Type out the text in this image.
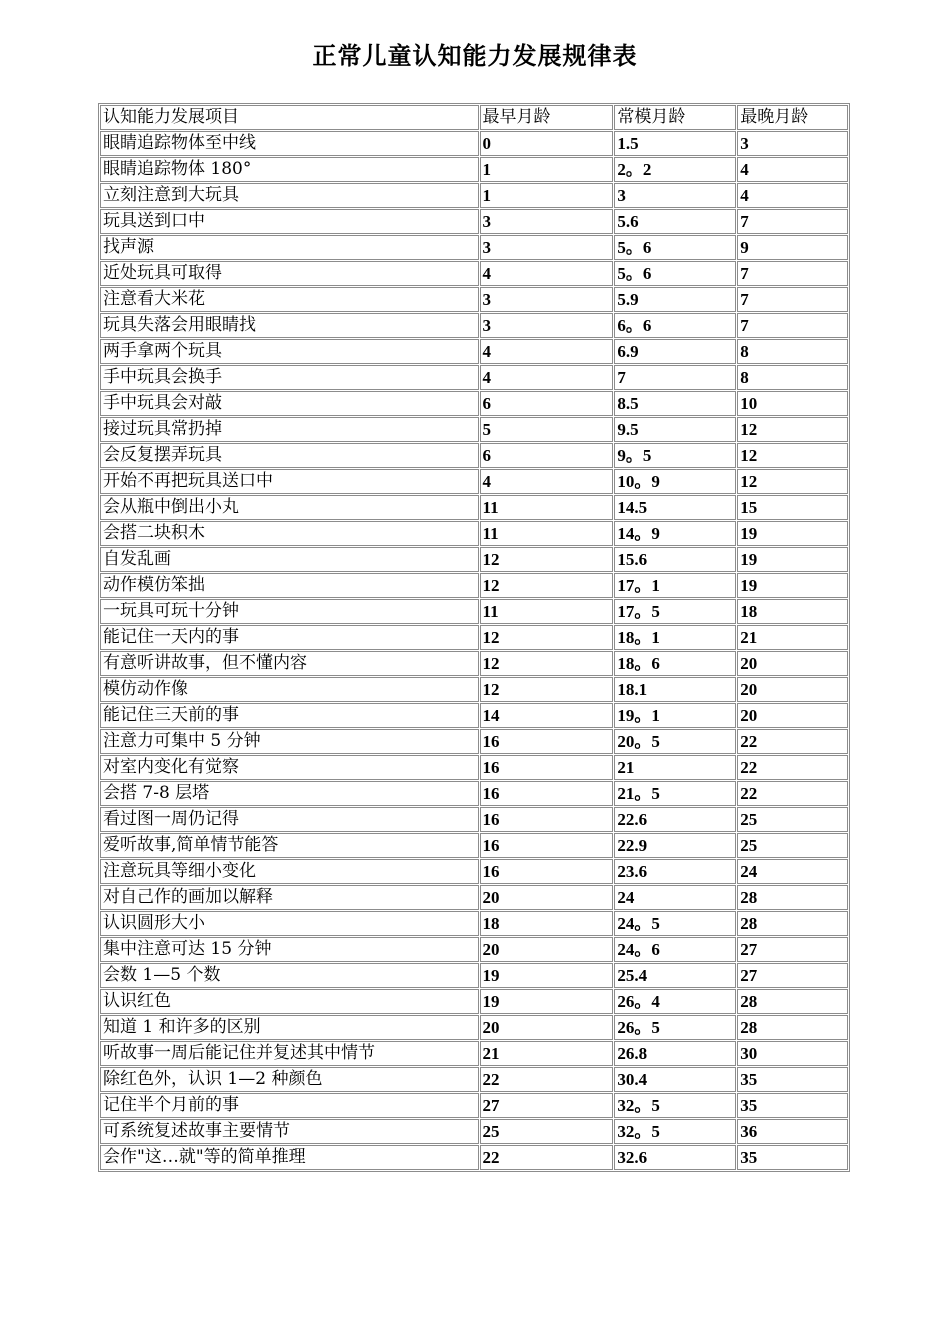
正常儿童认知能力发展规律表
认知能力发展项目	最早月龄	常模月龄	最晚月龄
眼睛追踪物体至中线	0	1.5	3
眼睛追踪物体 180°	1	2。2	4
立刻注意到大玩具	1	3	4
玩具送到口中	3	5.6	7
找声源	3	5。6	9
近处玩具可取得	4	5。6	7
注意看大米花	3	5.9	7
玩具失落会用眼睛找	3	6。6	7
两手拿两个玩具	4	6.9	8
手中玩具会换手	4	7	8
手中玩具会对敲	6	8.5	10
接过玩具常扔掉	5	9.5	12
会反复摆弄玩具	6	9。5	12
开始不再把玩具送口中	4	10。9	12
会从瓶中倒出小丸	11	14.5	15
会搭二块积木	11	14。9	19
自发乱画	12	15.6	19
动作模仿笨拙	12	17。1	19
一玩具可玩十分钟	11	17。5	18
能记住一天内的事	12	18。1	21
有意听讲故事，但不懂内容	12	18。6	20
模仿动作像	12	18.1	20
能记住三天前的事	14	19。1	20
注意力可集中 5 分钟	16	20。5	22
对室内变化有觉察	16	21	22
会搭 7-8 层塔	16	21。5	22
看过图一周仍记得	16	22.6	25
爱听故事,简单情节能答	16	22.9	25
注意玩具等细小变化	16	23.6	24
对自己作的画加以解释	20	24	28
认识圆形大小	18	24。5	28
集中注意可达 15 分钟	20	24。6	27
会数 1—5 个数	19	25.4	27
认识红色	19	26。4	28
知道 1 和许多的区别	20	26。5	28
听故事一周后能记住并复述其中情节	21	26.8	30
除红色外，认识 1—2 种颜色	22	30.4	35
记住半个月前的事	27	32。5	35
可系统复述故事主要情节	25	32。5	36
会作"这…就"等的简单推理	22	32.6	35
